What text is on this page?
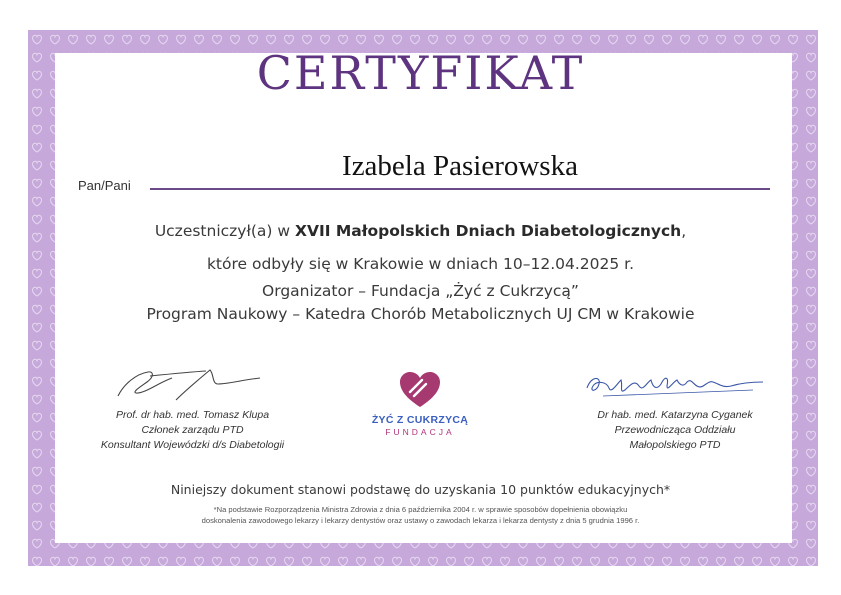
CERTYFIKAT
Pan/Pani
Izabela Pasierowska
Uczestniczył(a) w XVII Małopolskich Dniach Diabetologicznych,
które odbyły się w Krakowie w dniach 10–12.04.2025 r.
Organizator – Fundacja „Żyć z Cukrzycą”
Program Naukowy – Katedra Chorób Metabolicznych UJ CM w Krakowie
Prof. dr hab. med. Tomasz Klupa
Członek zarządu PTD
Konsultant Wojewódzki d/s Diabetologii
ŻYĆ Z CUKRZYCĄ
FUNDACJA
Dr hab. med. Katarzyna Cyganek
Przewodnicząca Oddziału
Małopolskiego PTD
Niniejszy dokument stanowi podstawę do uzyskania 10 punktów edukacyjnych*
*Na podstawie Rozporządzenia Ministra Zdrowia z dnia 6 października 2004 r. w sprawie sposobów dopełnienia obowiązku
doskonalenia zawodowego lekarzy i lekarzy dentystów oraz ustawy o zawodach lekarza i lekarza dentysty z dnia 5 grudnia 1996 r.
